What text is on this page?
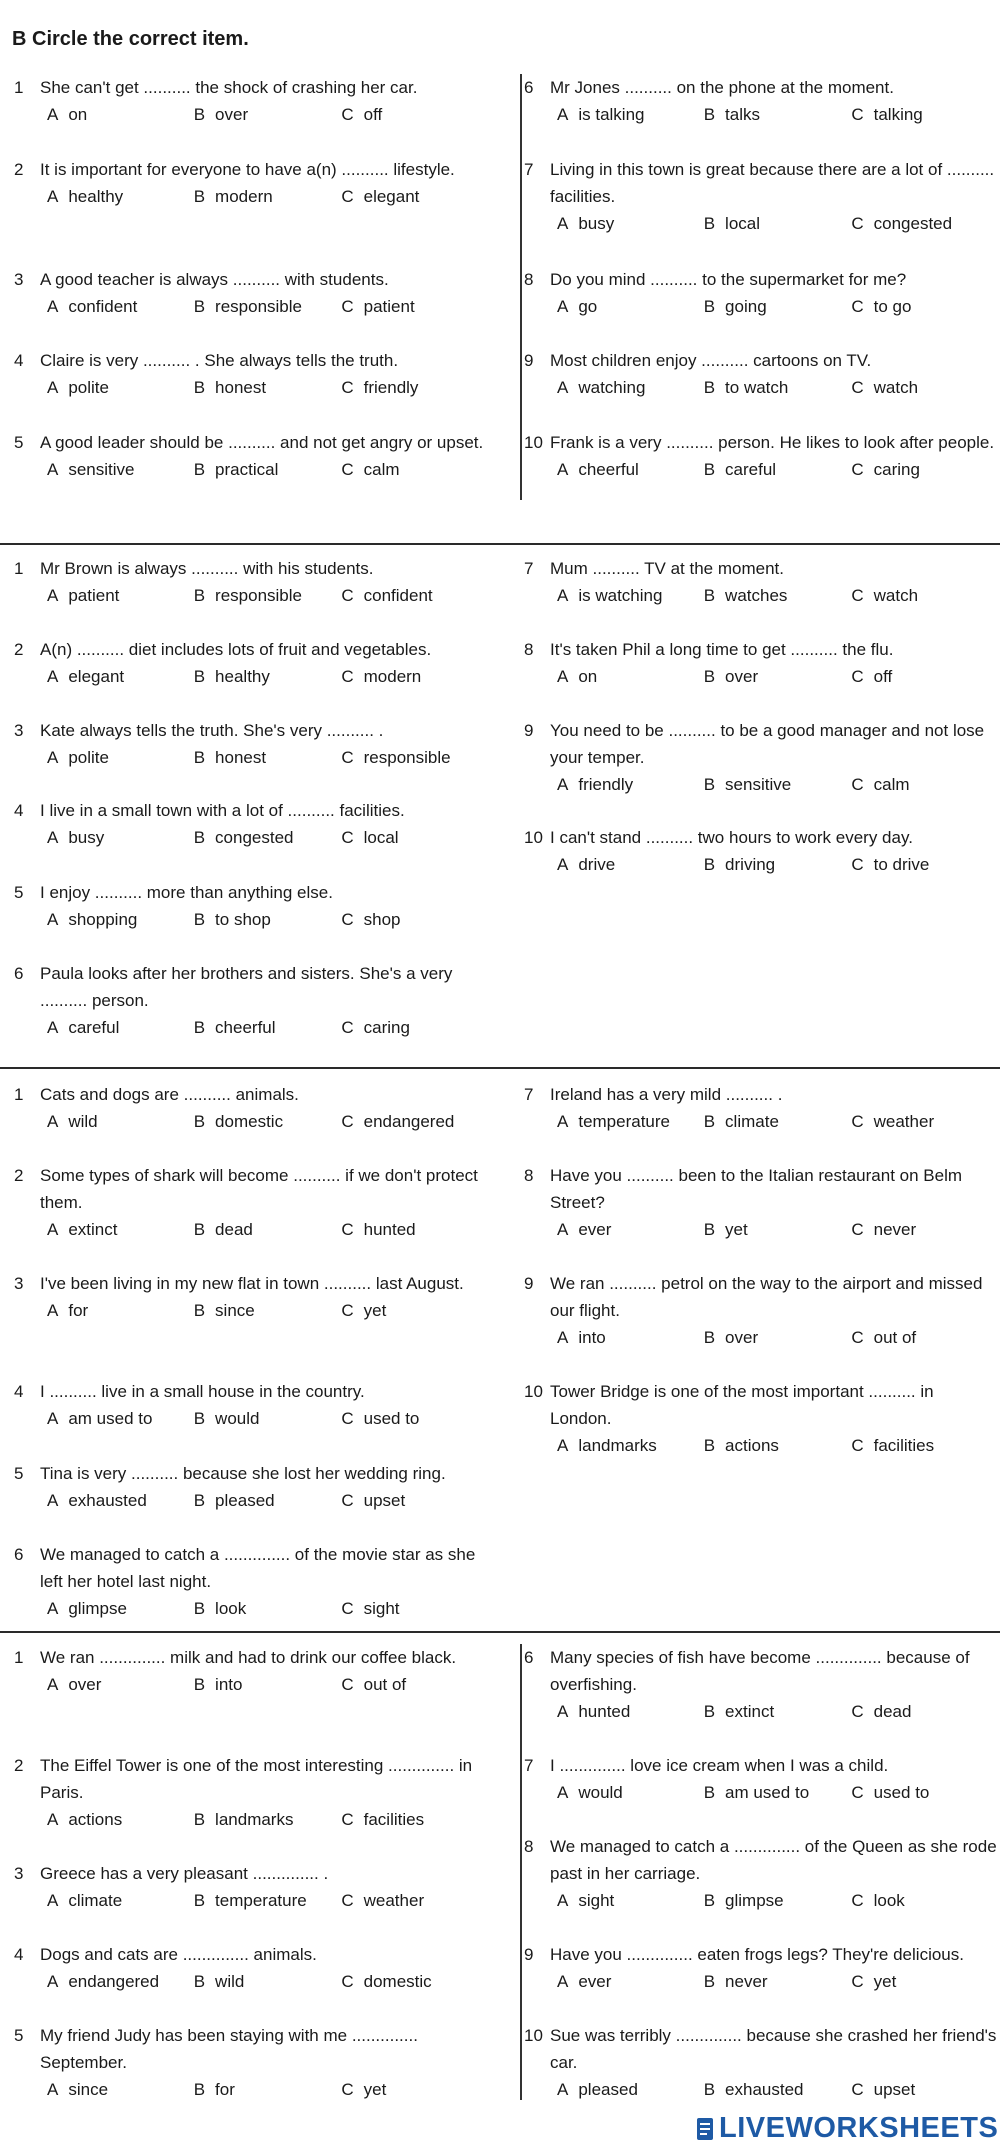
B Circle the correct item.
1 She can't get .......... the shock of crashing her car.
A on	B over	C off
2 It is important for everyone to have a(n) .......... lifestyle.
A healthy	B modern	C elegant
3 A good teacher is always .......... with students.
A confident	B responsible	C patient
4 Claire is very .......... . She always tells the truth.
A polite	B honest	C friendly
5 A good leader should be .......... and not get angry or upset.
A sensitive	B practical	C calm
6 Mr Jones .......... on the phone at the moment.
A is talking	B talks	C talking
7 Living in this town is great because there are a lot of .......... facilities.
A busy	B local	C congested
8 Do you mind .......... to the supermarket for me?
A go	B going	C to go
9 Most children enjoy .......... cartoons on TV.
A watching	B to watch	C watch
10 Frank is a very .......... person. He likes to look after people.
A cheerful	B careful	C caring
1 Mr Brown is always .......... with his students.
A patient	B responsible	C confident
2 A(n) .......... diet includes lots of fruit and vegetables.
A elegant	B healthy	C modern
3 Kate always tells the truth. She's very .......... .
A polite	B honest	C responsible
4 I live in a small town with a lot of .......... facilities.
A busy	B congested	C local
5 I enjoy .......... more than anything else.
A shopping	B to shop	C shop
6 Paula looks after her brothers and sisters. She's a very .......... person.
A careful	B cheerful	C caring
7 Mum .......... TV at the moment.
A is watching	B watches	C watch
8 It's taken Phil a long time to get .......... the flu.
A on	B over	C off
9 You need to be .......... to be a good manager and not lose your temper.
A friendly	B sensitive	C calm
10 I can't stand .......... two hours to work every day.
A drive	B driving	C to drive
1 Cats and dogs are .......... animals.
A wild	B domestic	C endangered
2 Some types of shark will become .......... if we don't protect them.
A extinct	B dead	C hunted
3 I've been living in my new flat in town .......... last August.
A for	B since	C yet
4 I .......... live in a small house in the country.
A am used to	B would	C used to
5 Tina is very .......... because she lost her wedding ring.
A exhausted	B pleased	C upset
6 We managed to catch a .............. of the movie star as she left her hotel last night.
A glimpse	B look	C sight
7 Ireland has a very mild .......... .
A temperature	B climate	C weather
8 Have you .......... been to the Italian restaurant on Belm Street?
A ever	B yet	C never
9 We ran .......... petrol on the way to the airport and missed our flight.
A into	B over	C out of
10 Tower Bridge is one of the most important .......... in London.
A landmarks	B actions	C facilities
1 We ran .............. milk and had to drink our coffee black.
A over	B into	C out of
2 The Eiffel Tower is one of the most interesting .............. in Paris.
A actions	B landmarks	C facilities
3 Greece has a very pleasant .............. .
A climate	B temperature	C weather
4 Dogs and cats are .............. animals.
A endangered	B wild	C domestic
5 My friend Judy has been staying with me .............. September.
A since	B for	C yet
6 Many species of fish have become .............. because of overfishing.
A hunted	B extinct	C dead
7 I .............. love ice cream when I was a child.
A would	B am used to	C used to
8 We managed to catch a .............. of the Queen as she rode past in her carriage.
A sight	B glimpse	C look
9 Have you .............. eaten frogs legs? They're delicious.
A ever	B never	C yet
10 Sue was terribly .............. because she crashed her friend's car.
A pleased	B exhausted	C upset
LIVEWORKSHEETS
